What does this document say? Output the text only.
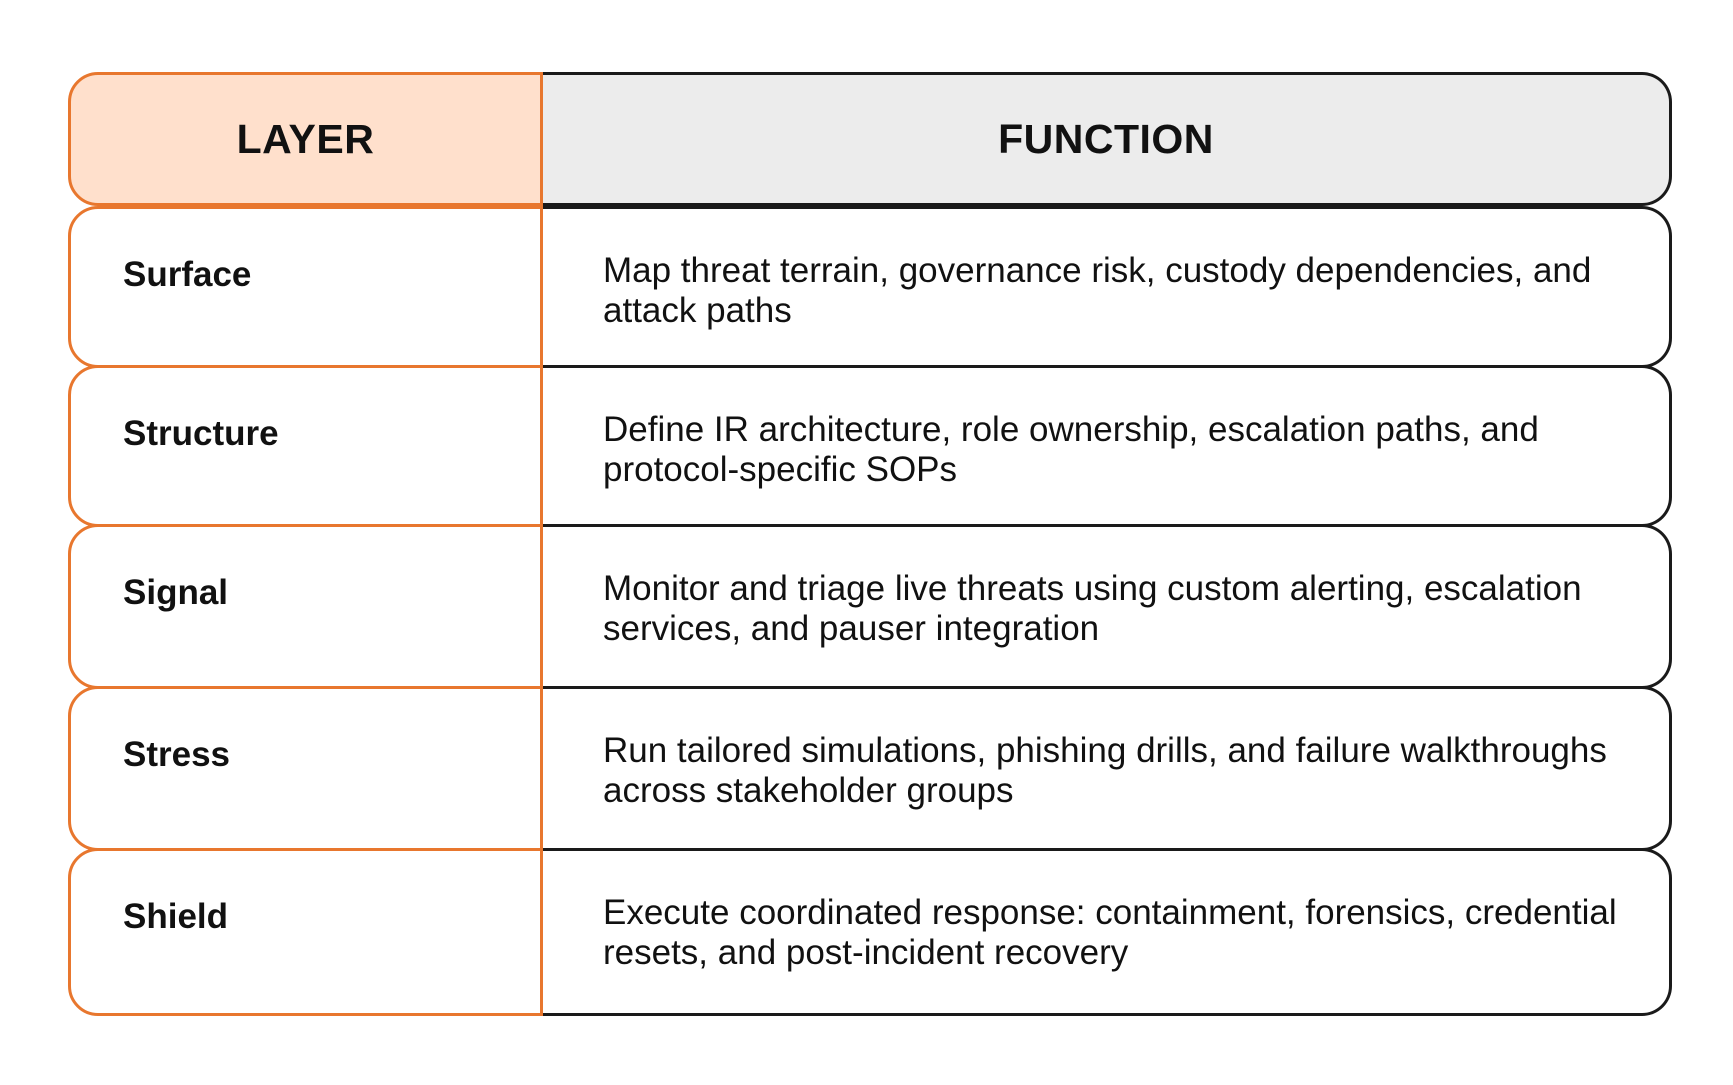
LAYER
Surface
Structure
Signal
Stress
Shield
FUNCTION
Map threat terrain, governance risk, custody dependencies, and attack paths
Define IR architecture, role ownership, escalation paths, and protocol-specific SOPs
Monitor and triage live threats using custom alerting, escalation services, and pauser integration
Run tailored simulations, phishing drills, and failure walkthroughs across stakeholder groups
Execute coordinated response: containment, forensics, credential resets, and post-incident recovery
